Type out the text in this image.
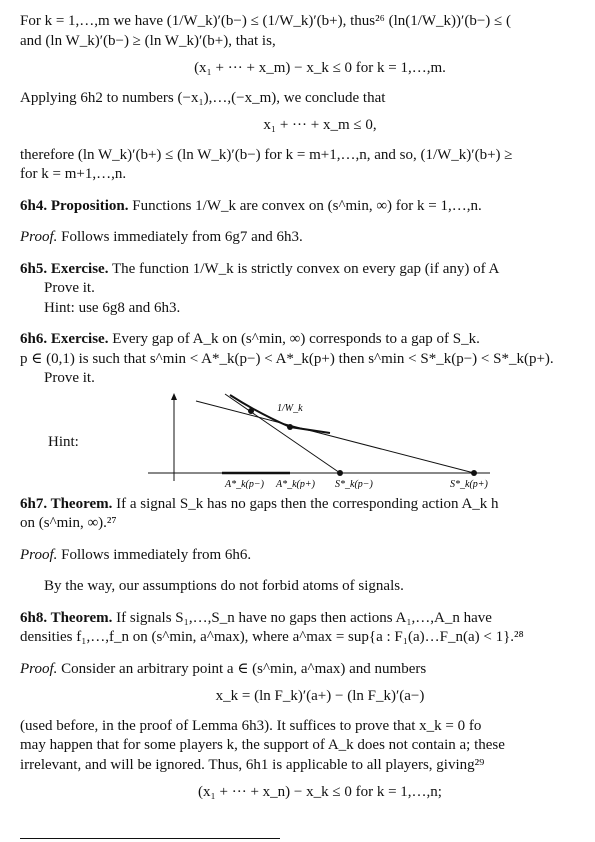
For k = 1,…,m we have (1/W_k)′(b−) ≤ (1/W_k)′(b+), thus²⁶ (ln(1/W_k))′(b−) ≤ (

and (ln W_k)′(b−) ≥ (ln W_k)′(b+), that is,

(x₁ + ··· + x_m) − x_k ≤ 0 for k = 1,…,m.

Applying 6h2 to numbers (−x₁),…,(−x_m), we conclude that

x₁ + ··· + x_m ≤ 0,

therefore (ln W_k)′(b+) ≤ (ln W_k)′(b−) for k = m+1,…,n, and so, (1/W_k)′(b+) ≥

for k = m+1,…,n.

6h4. Proposition. Functions 1/W_k are convex on (s^min, ∞) for k = 1,…,n.

Proof. Follows immediately from 6g7 and 6h3.

6h5. Exercise. The function 1/W_k is strictly convex on every gap (if any) of A

Prove it.

Hint: use 6g8 and 6h3.

6h6. Exercise. Every gap of A_k on (s^min, ∞) corresponds to a gap of S_k.

p ∈ (0,1) is such that s^min < A*_k(p−) < A*_k(p+) then s^min < S*_k(p−) < S*_k(p+).

Prove it.

Hint:
1/W_k
A*_k(p−) A*_k(p+) S*_k(p−)	S*_k(p+)

6h7. Theorem. If a signal S_k has no gaps then the corresponding action A_k h

on (s^min, ∞).²⁷

Proof. Follows immediately from 6h6.

By the way, our assumptions do not forbid atoms of signals.

6h8. Theorem. If signals S₁,…,S_n have no gaps then actions A₁,…,A_n have

densities f₁,…,f_n on (s^min, a^max), where a^max = sup{a : F₁(a)…F_n(a) < 1}.²⁸

Proof. Consider an arbitrary point a ∈ (s^min, a^max) and numbers

x_k = (ln F_k)′(a+) − (ln F_k)′(a−)

(used before, in the proof of Lemma 6h3). It suffices to prove that x_k = 0 fo

may happen that for some players k, the support of A_k does not contain a; these

irrelevant, and will be ignored. Thus, 6h1 is applicable to all players, giving²⁹

(x₁ + ··· + x_n) − x_k ≤ 0 for k = 1,…,n;
